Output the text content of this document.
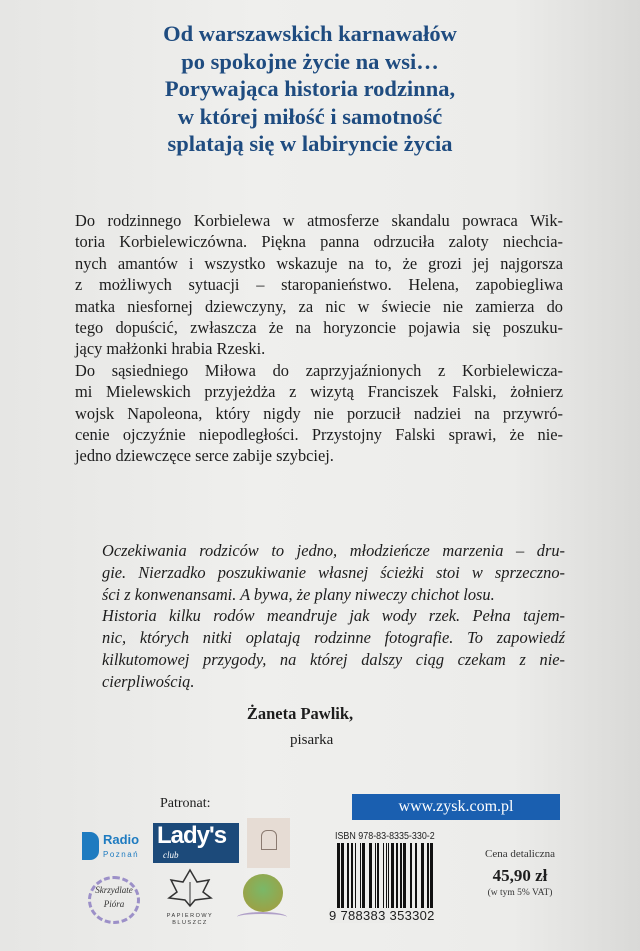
Od warszawskich karnawałów
po spokojne życie na wsi…
Porywająca historia rodzinna,
w której miłość i samotność
splatają się w labiryncie życia
Do rodzinnego Korbielewa w atmosferze skandalu powraca Wik-
toria Korbielewiczówna. Piękna panna odrzuciła zaloty niechcia-
nych amantów i wszystko wskazuje na to, że grozi jej najgorsza
z możliwych sytuacji – staropanieństwo. Helena, zapobiegliwa
matka niesfornej dziewczyny, za nic w świecie nie zamierza do
tego dopuścić, zwłaszcza że na horyzoncie pojawia się poszuku-
jący małżonki hrabia Rzeski.
Do sąsiedniego Miłowa do zaprzyjaźnionych z Korbielewicza-
mi Mielewskich przyjeżdża z wizytą Franciszek Falski, żołnierz
wojsk Napoleona, który nigdy nie porzucił nadziei na przywró-
cenie ojczyźnie niepodległości. Przystojny Falski sprawi, że nie-
jedno dziewczęce serce zabije szybciej.
Oczekiwania rodziców to jedno, młodzieńcze marzenia – dru-
gie. Nierzadko poszukiwanie własnej ścieżki stoi w sprzeczno-
ści z konwenansami. A bywa, że plany niweczy chichot losu.
Historia kilku rodów meandruje jak wody rzek. Pełna tajem-
nic, których nitki oplatają rodzinne fotografie. To zapowiedź
kilkutomowej przygody, na której dalszy ciąg czekam z nie-
cierpliwością.
Żaneta Pawlik,
pisarka
Patronat:
Radio
Poznań
Lady's
club
Skrzydlate Pióra
PAPIEROWY
BLUSZCZ
www.zysk.com.pl
ISBN 978-83-8335-330-2
9 788383 353302
Cena detaliczna
45,90 zł
(w tym 5% VAT)
